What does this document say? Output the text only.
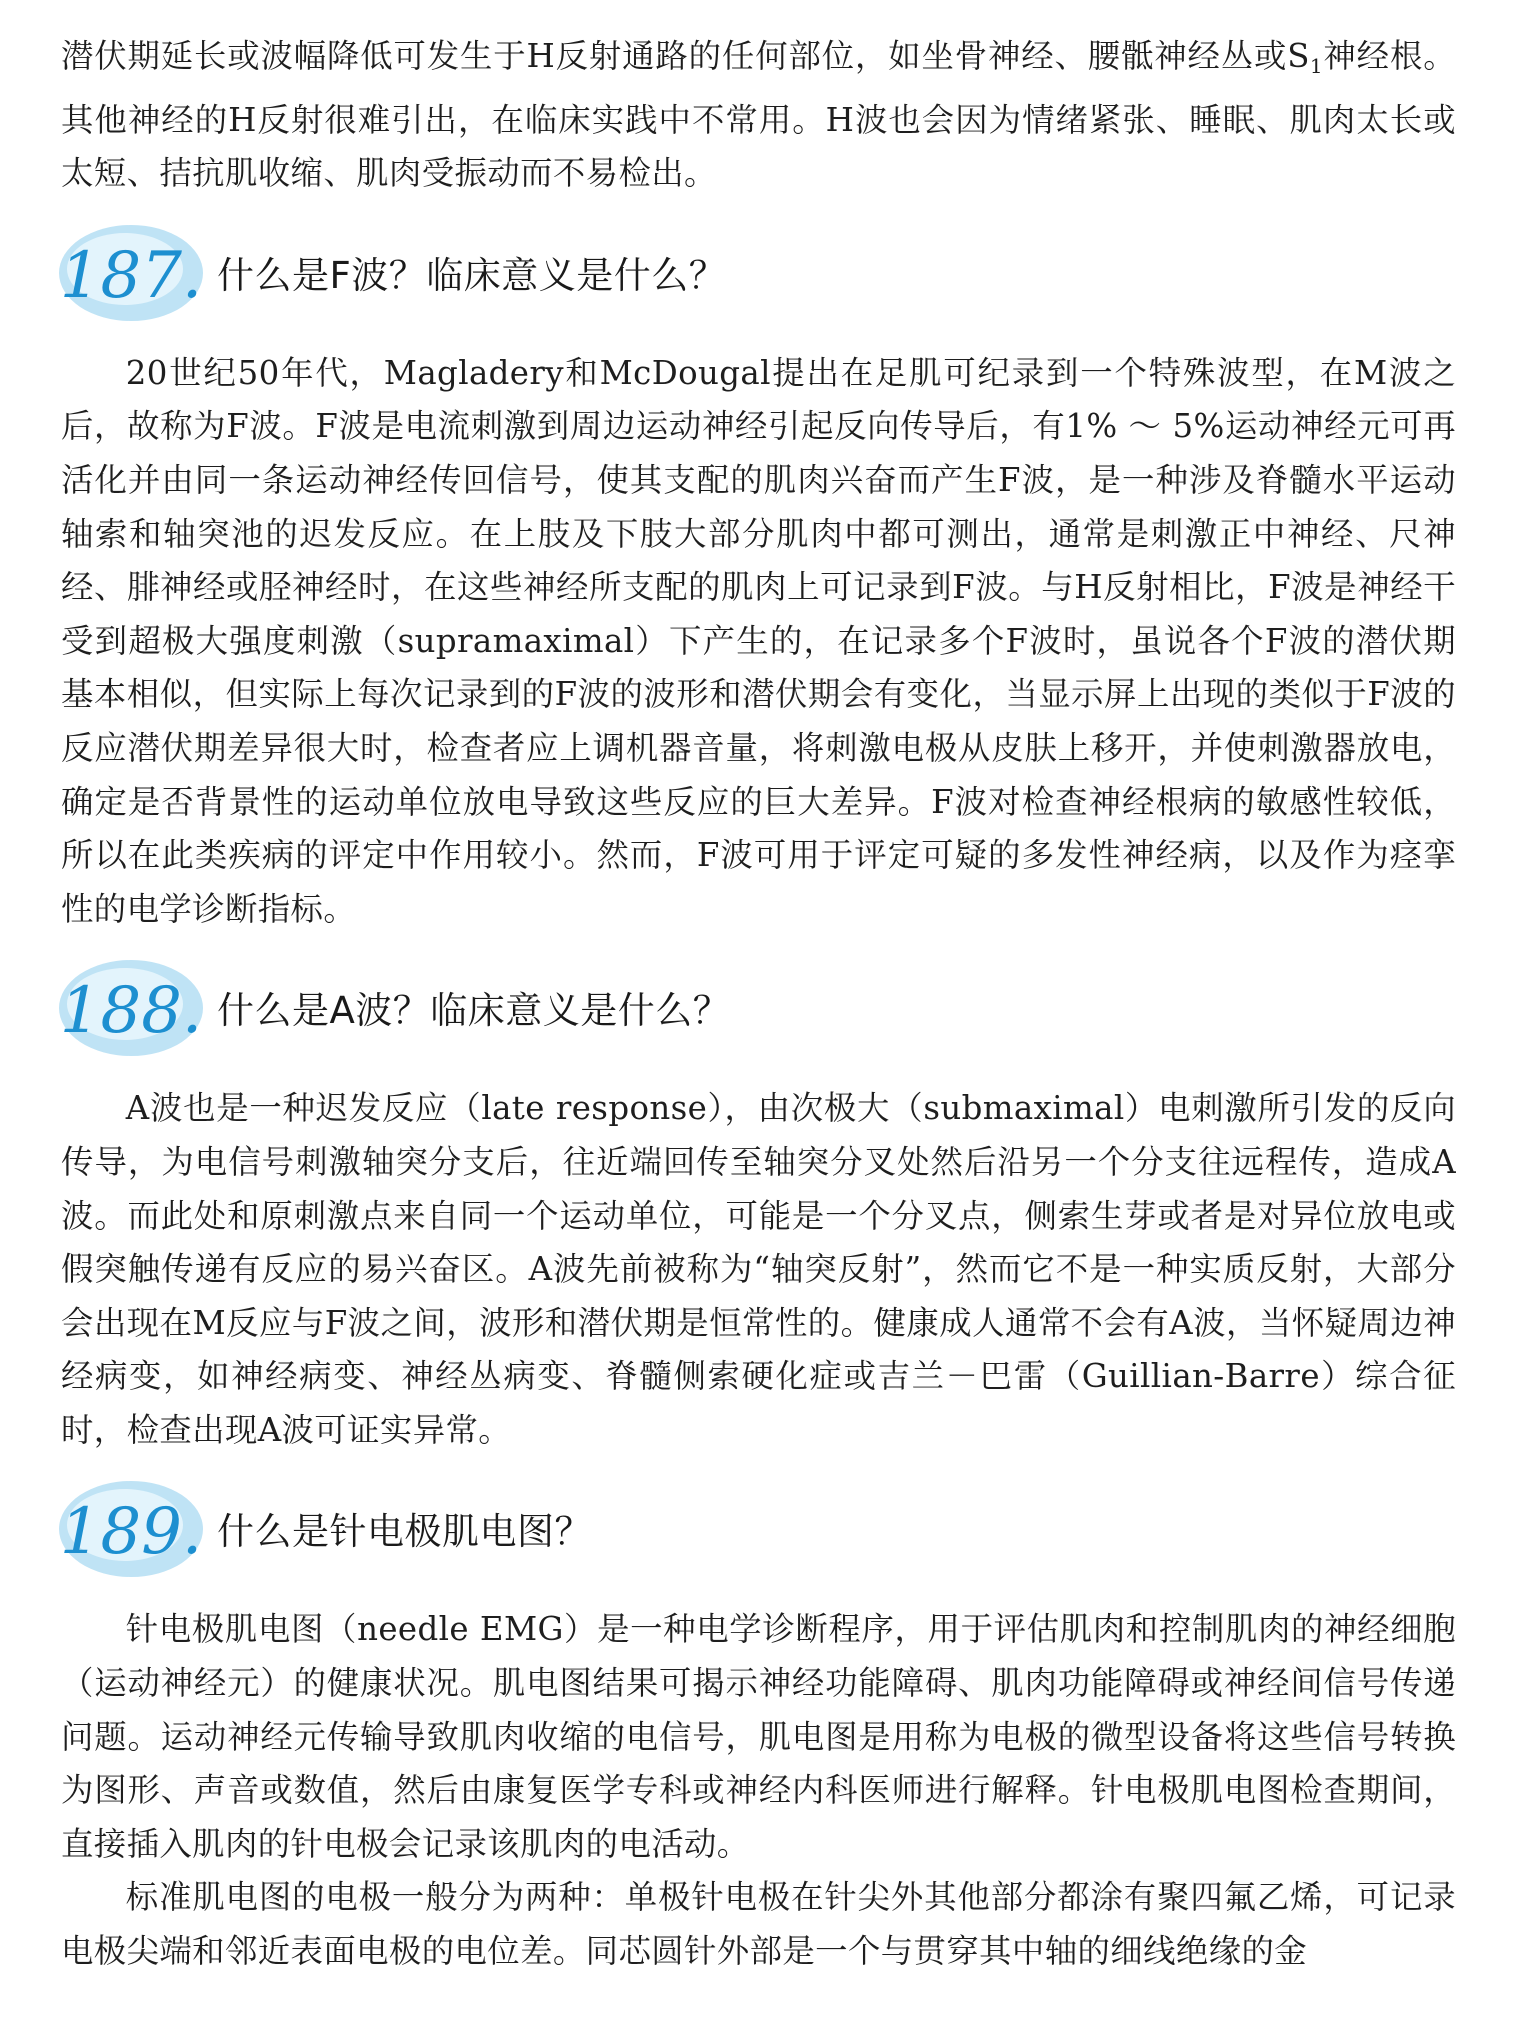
潜伏期延长或波幅降低可发生于H反射通路的任何部位，如坐骨神经、腰骶神经丛或$S_1$神经根。其他神经的H反射很难引出，在临床实践中不常用。H波也会因为情绪紧张、睡眠、肌肉太长或太短、拮抗肌收缩、肌肉受振动而不易检出。

187. 什么是F波？临床意义是什么？

20世纪50年代，Magladery和McDougal提出在足肌可纪录到一个特殊波型，在M波之后，故称为F波。F波是电流刺激到周边运动神经引起反向传导后，有1% ～ 5%运动神经元可再活化并由同一条运动神经传回信号，使其支配的肌肉兴奋而产生F波，是一种涉及脊髓水平运动轴索和轴突池的迟发反应。在上肢及下肢大部分肌肉中都可测出，通常是刺激正中神经、尺神经、腓神经或胫神经时，在这些神经所支配的肌肉上可记录到F波。与H反射相比，F波是神经干受到超极大强度刺激（supramaximal）下产生的，在记录多个F波时，虽说各个F波的潜伏期基本相似，但实际上每次记录到的F波的波形和潜伏期会有变化，当显示屏上出现的类似于F波的反应潜伏期差异很大时，检查者应上调机器音量，将刺激电极从皮肤上移开，并使刺激器放电，确定是否背景性的运动单位放电导致这些反应的巨大差异。F波对检查神经根病的敏感性较低，所以在此类疾病的评定中作用较小。然而，F波可用于评定可疑的多发性神经病，以及作为痉挛性的电学诊断指标。

188. 什么是A波？临床意义是什么？

A波也是一种迟发反应（late response），由次极大（submaximal）电刺激所引发的反向传导，为电信号刺激轴突分支后，往近端回传至轴突分叉处然后沿另一个分支往远程传，造成A波。而此处和原刺激点来自同一个运动单位，可能是一个分叉点，侧索生芽或者是对异位放电或假突触传递有反应的易兴奋区。A波先前被称为“轴突反射”，然而它不是一种实质反射，大部分会出现在M反应与F波之间，波形和潜伏期是恒常性的。健康成人通常不会有A波，当怀疑周边神经病变，如神经病变、神经丛病变、脊髓侧索硬化症或吉兰－巴雷（Guillian-Barre）综合征时，检查出现A波可证实异常。

189. 什么是针电极肌电图？

针电极肌电图（needle EMG）是一种电学诊断程序，用于评估肌肉和控制肌肉的神经细胞（运动神经元）的健康状况。肌电图结果可揭示神经功能障碍、肌肉功能障碍或神经间信号传递问题。运动神经元传输导致肌肉收缩的电信号，肌电图是用称为电极的微型设备将这些信号转换为图形、声音或数值，然后由康复医学专科或神经内科医师进行解释。针电极肌电图检查期间，直接插入肌肉的针电极会记录该肌肉的电活动。

标准肌电图的电极一般分为两种：单极针电极在针尖外其他部分都涂有聚四氟乙烯，可记录电极尖端和邻近表面电极的电位差。同芯圆针外部是一个与贯穿其中轴的细线绝缘的金
